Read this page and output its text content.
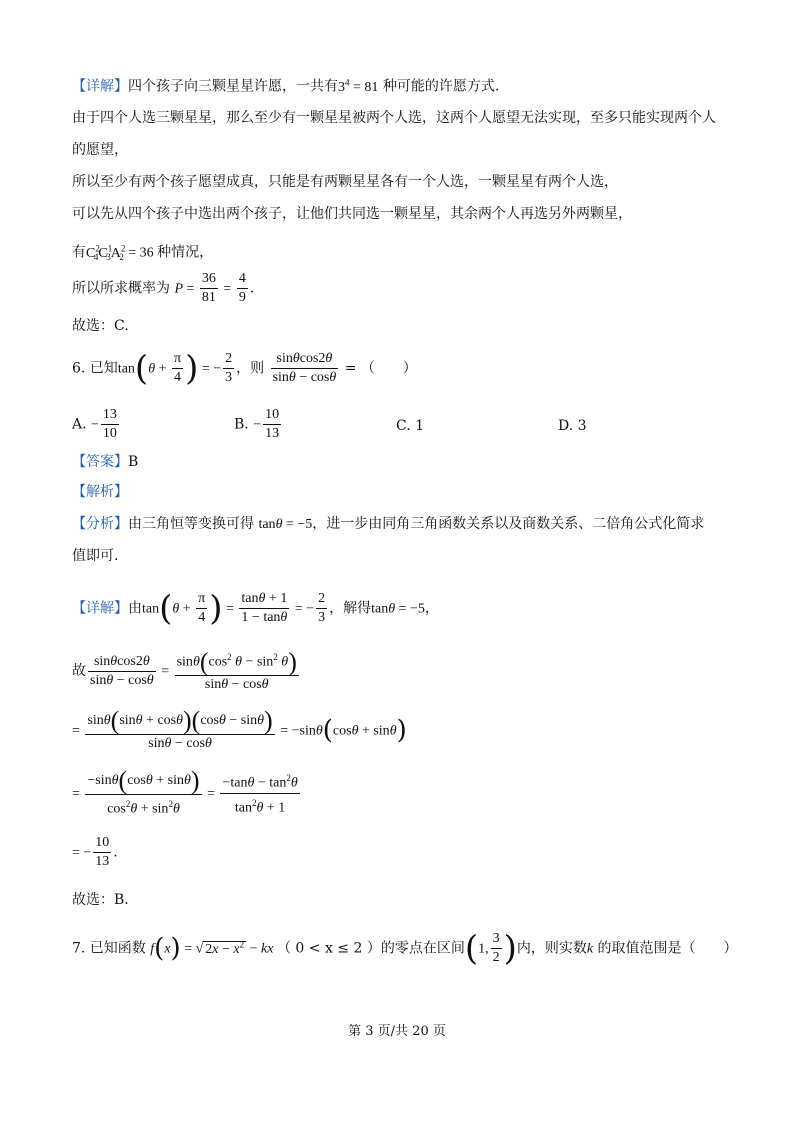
【详解】四个孩子向三颗星星许愿，一共有$3^4 = 81$ 种可能的许愿方式.
由于四个人选三颗星星，那么至少有一颗星星被两个人选，这两个人愿望无法实现，至多只能实现两个人
的愿望，
所以至少有两个孩子愿望成真，只能是有两颗星星各有一个人选，一颗星星有两个人选，
可以先从四个孩子中选出两个孩子，让他们共同选一颗星星，其余两个人再选另外两颗星，
有$C^2_4C^1_3A^2_2 = 36$ 种情况，
所以所求概率为 $P = \frac{36}{81} = \frac{4}{9}$ .
故选：C.
6. 已知$\tan(\theta + \frac{\pi}{4}$ ) = − $\frac{2}{3}$ ，则 $\frac{\sin\theta\cos 2\theta}{\sin\theta - \cos\theta}$ = （　　）
A. − $\frac{13}{10}$	B. − $\frac{10}{13}$	C. 1	D. 3
【答案】B
【解析】
【分析】由三角恒等变换可得 tanθ = −5，进一步由同角三角函数关系以及商数关系、二倍角公式化简求
值即可.
【详解】由$\tan(\theta + \frac{\pi}{4}$ ) = $\frac{\tan\theta + 1}{1 - \tan\theta}$ = − $\frac{2}{3}$ ，解得tanθ = −5，
故 $\frac{\sin\theta\cos 2\theta}{\sin\theta - \cos\theta} = \frac{\sin\theta(\cos^2 \theta - \sin^2 \theta)}{\sin\theta - \cos\theta}$
= $\frac{\sin\theta(\sin\theta + \cos\theta)(\cos\theta - \sin\theta)}{\sin\theta - \cos\theta} = -\sin\theta(\cos\theta + \sin\theta)$
= $\frac{-\sin\theta(\cos\theta + \sin\theta)}{\cos^2\theta + \sin^2\theta} = \frac{-\tan\theta - \tan^2\theta}{\tan^2\theta + 1}$
= − $\frac{10}{13}$ .
故选：B.
7. 已知函数 f(x) = √ $2x - x^2$ − kx （ 0 < x ≤ 2 ）的零点在区间(1, $\frac{3}{2}$ )内，则实数k 的取值范围是（　　）
第 3 页/共 20 页
